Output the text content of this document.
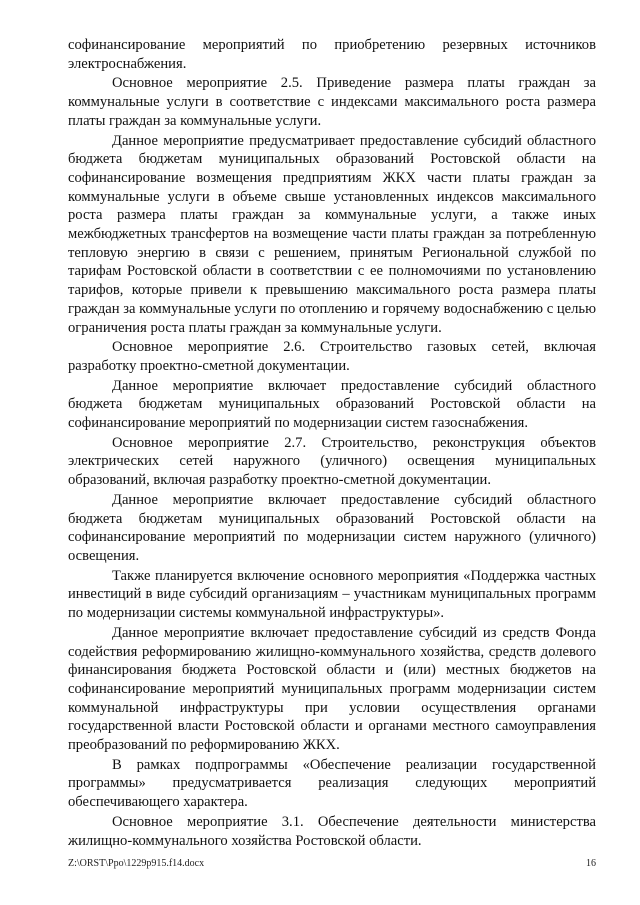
софинансирование мероприятий по приобретению резервных источников электроснабжения.

Основное мероприятие 2.5. Приведение размера платы граждан за коммунальные услуги в соответствие с индексами максимального роста размера платы граждан за коммунальные услуги.

Данное мероприятие предусматривает предоставление субсидий областного бюджета бюджетам муниципальных образований Ростовской области на софинансирование возмещения предприятиям ЖКХ части платы граждан за коммунальные услуги в объеме свыше установленных индексов максимального роста размера платы граждан за коммунальные услуги, а также иных межбюджетных трансфертов на возмещение части платы граждан за потребленную тепловую энергию в связи с решением, принятым Региональной службой по тарифам Ростовской области в соответствии с ее полномочиями по установлению тарифов, которые привели к превышению максимального роста размера платы граждан за коммунальные услуги по отоплению и горячему водоснабжению с целью ограничения роста платы граждан за коммунальные услуги.

Основное мероприятие 2.6. Строительство газовых сетей, включая разработку проектно-сметной документации.

Данное мероприятие включает предоставление субсидий областного бюджета бюджетам муниципальных образований Ростовской области на софинансирование мероприятий по модернизации систем газоснабжения.

Основное мероприятие 2.7. Строительство, реконструкция объектов электрических сетей наружного (уличного) освещения муниципальных образований, включая разработку проектно-сметной документации.

Данное мероприятие включает предоставление субсидий областного бюджета бюджетам муниципальных образований Ростовской области на софинансирование мероприятий по модернизации систем наружного (уличного) освещения.

Также планируется включение основного мероприятия «Поддержка частных инвестиций в виде субсидий организациям – участникам муниципальных программ по модернизации системы коммунальной инфраструктуры».

Данное мероприятие включает предоставление субсидий из средств Фонда содействия реформированию жилищно-коммунального хозяйства, средств долевого финансирования бюджета Ростовской области и (или) местных бюджетов на софинансирование мероприятий муниципальных программ модернизации систем коммунальной инфраструктуры при условии осуществления органами государственной власти Ростовской области и органами местного самоуправления преобразований по реформированию ЖКХ.

В рамках подпрограммы «Обеспечение реализации государственной программы» предусматривается реализация следующих мероприятий обеспечивающего характера.

Основное мероприятие 3.1. Обеспечение деятельности министерства жилищно-коммунального хозяйства Ростовской области.

Z:\ORST\Ppo\1229p915.f14.docx	16
